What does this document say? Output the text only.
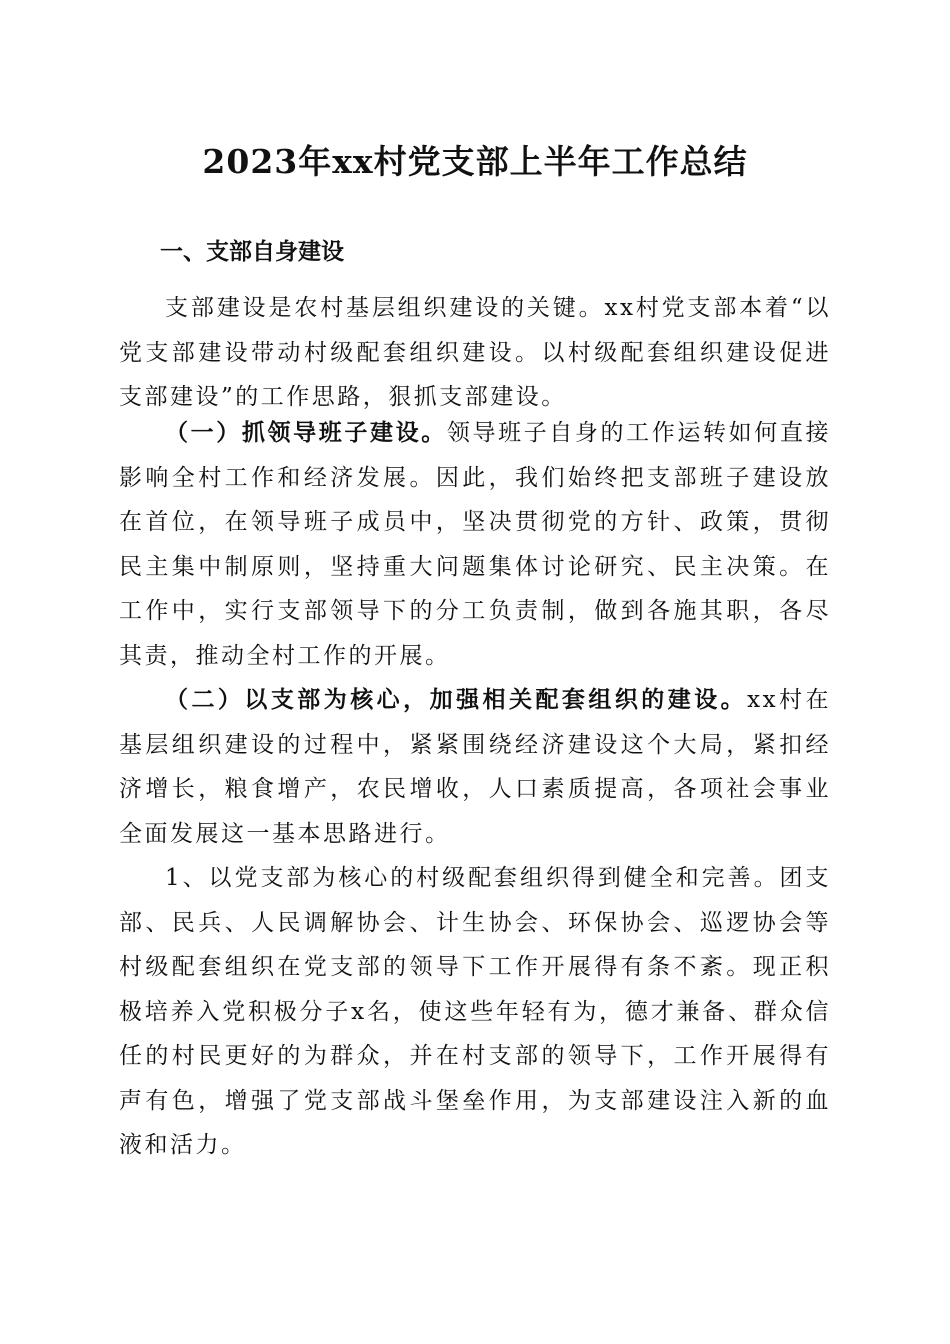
2023年xx村党支部上半年工作总结
一、支部自身建设

支部建设是农村基层组织建设的关键。xx村党支部本着“以党支部建设带动村级配套组织建设。以村级配套组织建设促进支部建设”的工作思路，狠抓支部建设。

（一）抓领导班子建设。领导班子自身的工作运转如何直接影响全村工作和经济发展。因此，我们始终把支部班子建设放在首位，在领导班子成员中，坚决贯彻党的方针、政策，贯彻民主集中制原则，坚持重大问题集体讨论研究、民主决策。在工作中，实行支部领导下的分工负责制，做到各施其职，各尽其责，推动全村工作的开展。

（二）以支部为核心，加强相关配套组织的建设。xx村在基层组织建设的过程中，紧紧围绕经济建设这个大局，紧扣经济增长，粮食增产，农民增收，人口素质提高，各项社会事业全面发展这一基本思路进行。

1、以党支部为核心的村级配套组织得到健全和完善。团支部、民兵、人民调解协会、计生协会、环保协会、巡逻协会等村级配套组织在党支部的领导下工作开展得有条不紊。现正积极培养入党积极分子x名，使这些年轻有为，德才兼备、群众信任的村民更好的为群众，并在村支部的领导下，工作开展得有声有色，增强了党支部战斗堡垒作用，为支部建设注入新的血液和活力。
